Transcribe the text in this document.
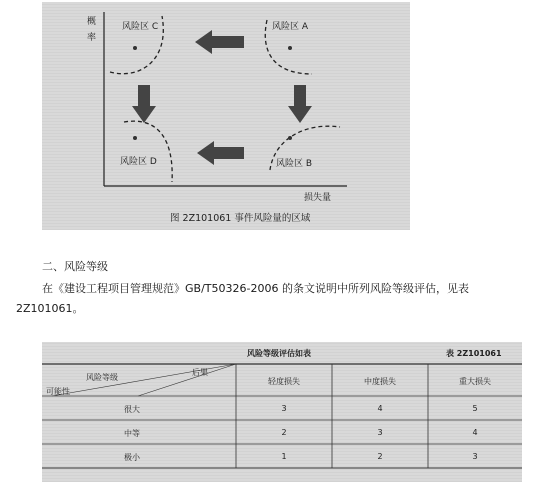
概率
损失量
风险区 C	风险区 A
风险区 D	风险区 B
图 2Z101061 事件风险量的区域
二、风险等级
在《建设工程项目管理规范》GB/T50326-2006 的条文说明中所列风险等级评估，见表
2Z101061。
风险等级评估如表	表 2Z101061
后果
风险等级
可能性
轻度损失	中度损失	重大损失
很大	3	4	5
中等	2	3	4
极小	1	2	3
